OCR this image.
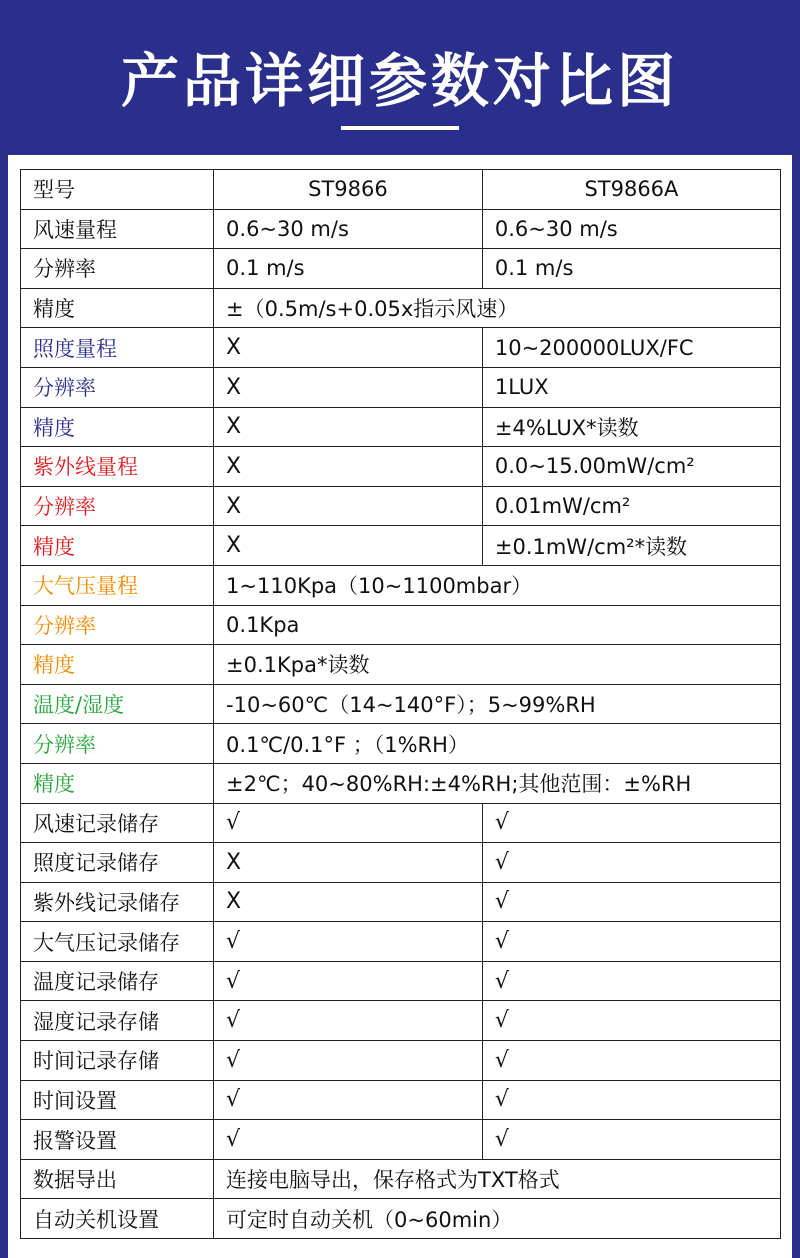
产品详细参数对比图
型号	ST9866	ST9866A
风速量程	0.6~30 m/s	0.6~30 m/s
分辨率	0.1 m/s	0.1 m/s
精度	±（0.5m/s+0.05x指示风速）	
照度量程	X	10~200000LUX/FC
分辨率	X	1LUX
精度	X	±4%LUX*读数
紫外线量程	X	0.0~15.00mW/cm²
分辨率	X	0.01mW/cm²
精度	X	±0.1mW/cm²*读数
大气压量程	1~110Kpa（10~1100mbar）	
分辨率	0.1Kpa	
精度	±0.1Kpa*读数	
温度/湿度	-10~60℃（14~140°F）；5~99%RH	
分辨率	0.1℃/0.1°F ；（1%RH）	
精度	±2℃；40~80%RH:±4%RH;其他范围：±%RH	
风速记录储存	√	√
照度记录储存	X	√
紫外线记录储存	X	√
大气压记录储存	√	√
温度记录储存	√	√
湿度记录存储	√	√
时间记录存储	√	√
时间设置	√	√
报警设置	√	√
数据导出	连接电脑导出，保存格式为TXT格式	
自动关机设置	可定时自动关机（0~60min）	
